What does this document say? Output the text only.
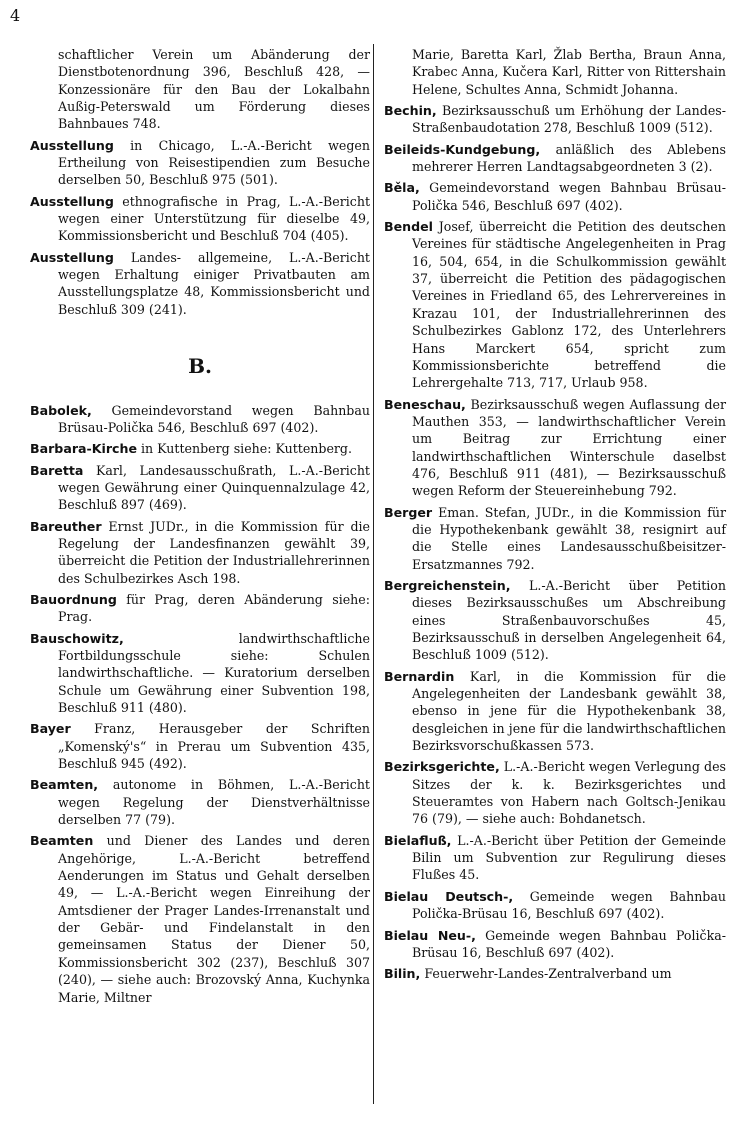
4
schaftlicher Verein um Abänderung der Dienstbotenordnung 396, Beschluß 428, — Konzessionäre für den Bau der Lokalbahn Außig-Peterswald um Förderung dieses Bahnbaues 748.
Ausstellung in Chicago, L.-A.-Bericht wegen Ertheilung von Reisestipendien zum Besuche derselben 50, Beschluß 975 (501).
Ausstellung ethnografische in Prag, L.-A.-Bericht wegen einer Unterstützung für dieselbe 49, Kommissionsbericht und Beschluß 704 (405).
Ausstellung Landes- allgemeine, L.-A.-Bericht wegen Erhaltung einiger Privatbauten am Ausstellungsplatze 48, Kommissionsbericht und Beschluß 309 (241).
B.
Babolek, Gemeindevorstand wegen Bahnbau Brüsau-Polička 546, Beschluß 697 (402).
Barbara-Kirche in Kuttenberg siehe: Kuttenberg.
Baretta Karl, Landesausschußrath, L.-A.-Bericht wegen Gewährung einer Quinquennalzulage 42, Beschluß 897 (469).
Bareuther Ernst JUDr., in die Kommission für die Regelung der Landesfinanzen gewählt 39, überreicht die Petition der Industriallehrerinnen des Schulbezirkes Asch 198.
Bauordnung für Prag, deren Abänderung siehe: Prag.
Bauschowitz, landwirthschaftliche Fortbildungsschule siehe: Schulen landwirthschaftliche. — Kuratorium derselben Schule um Gewährung einer Subvention 198, Beschluß 911 (480).
Bayer Franz, Herausgeber der Schriften „Komenský's“ in Prerau um Subvention 435, Beschluß 945 (492).
Beamten, autonome in Böhmen, L.-A.-Bericht wegen Regelung der Dienstverhältnisse derselben 77 (79).
Beamten und Diener des Landes und deren Angehörige, L.-A.-Bericht betreffend Aenderungen im Status und Gehalt derselben 49, — L.-A.-Bericht wegen Einreihung der Amtsdiener der Prager Landes-Irrenanstalt und der Gebär- und Findelanstalt in den gemeinsamen Status der Diener 50, Kommissionsbericht 302 (237), Beschluß 307 (240), — siehe auch: Brozovský Anna, Kuchynka Marie, Miltner
Marie, Baretta Karl, Žlab Bertha, Braun Anna, Krabec Anna, Kučera Karl, Ritter von Rittershain Helene, Schultes Anna, Schmidt Johanna.
Bechin, Bezirksausschuß um Erhöhung der Landes-Straßenbaudotation 278, Beschluß 1009 (512).
Beileids-Kundgebung, anläßlich des Ablebens mehrerer Herren Landtagsabgeordneten 3 (2).
Běla, Gemeindevorstand wegen Bahnbau Brüsau-Polička 546, Beschluß 697 (402).
Bendel Josef, überreicht die Petition des deutschen Vereines für städtische Angelegenheiten in Prag 16, 504, 654, in die Schulkommission gewählt 37, überreicht die Petition des pädagogischen Vereines in Friedland 65, des Lehrervereines in Krazau 101, der Industriallehrerinnen des Schulbezirkes Gablonz 172, des Unterlehrers Hans Marckert 654, spricht zum Kommissionsberichte betreffend die Lehrergehalte 713, 717, Urlaub 958.
Beneschau, Bezirksausschuß wegen Auflassung der Mauthen 353, — landwirthschaftlicher Verein um Beitrag zur Errichtung einer landwirthschaftlichen Winterschule daselbst 476, Beschluß 911 (481), — Bezirksausschuß wegen Reform der Steuereinhebung 792.
Berger Eman. Stefan, JUDr., in die Kommission für die Hypothekenbank gewählt 38, resignirt auf die Stelle eines Landesausschußbeisitzer-Ersatzmannes 792.
Bergreichenstein, L.-A.-Bericht über Petition dieses Bezirksausschußes um Abschreibung eines Straßenbauvorschußes 45, Bezirksausschuß in derselben Angelegenheit 64, Beschluß 1009 (512).
Bernardin Karl, in die Kommission für die Angelegenheiten der Landesbank gewählt 38, ebenso in jene für die Hypothekenbank 38, desgleichen in jene für die landwirthschaftlichen Bezirksvorschußkassen 573.
Bezirksgerichte, L.-A.-Bericht wegen Verlegung des Sitzes der k. k. Bezirksgerichtes und Steueramtes von Habern nach Goltsch-Jenikau 76 (79), — siehe auch: Bohdanetsch.
Bielafluß, L.-A.-Bericht über Petition der Gemeinde Bilin um Subvention zur Regulirung dieses Flußes 45.
Bielau Deutsch-, Gemeinde wegen Bahnbau Polička-Brüsau 16, Beschluß 697 (402).
Bielau Neu-, Gemeinde wegen Bahnbau Polička-Brüsau 16, Beschluß 697 (402).
Bilin, Feuerwehr-Landes-Zentralverband um
